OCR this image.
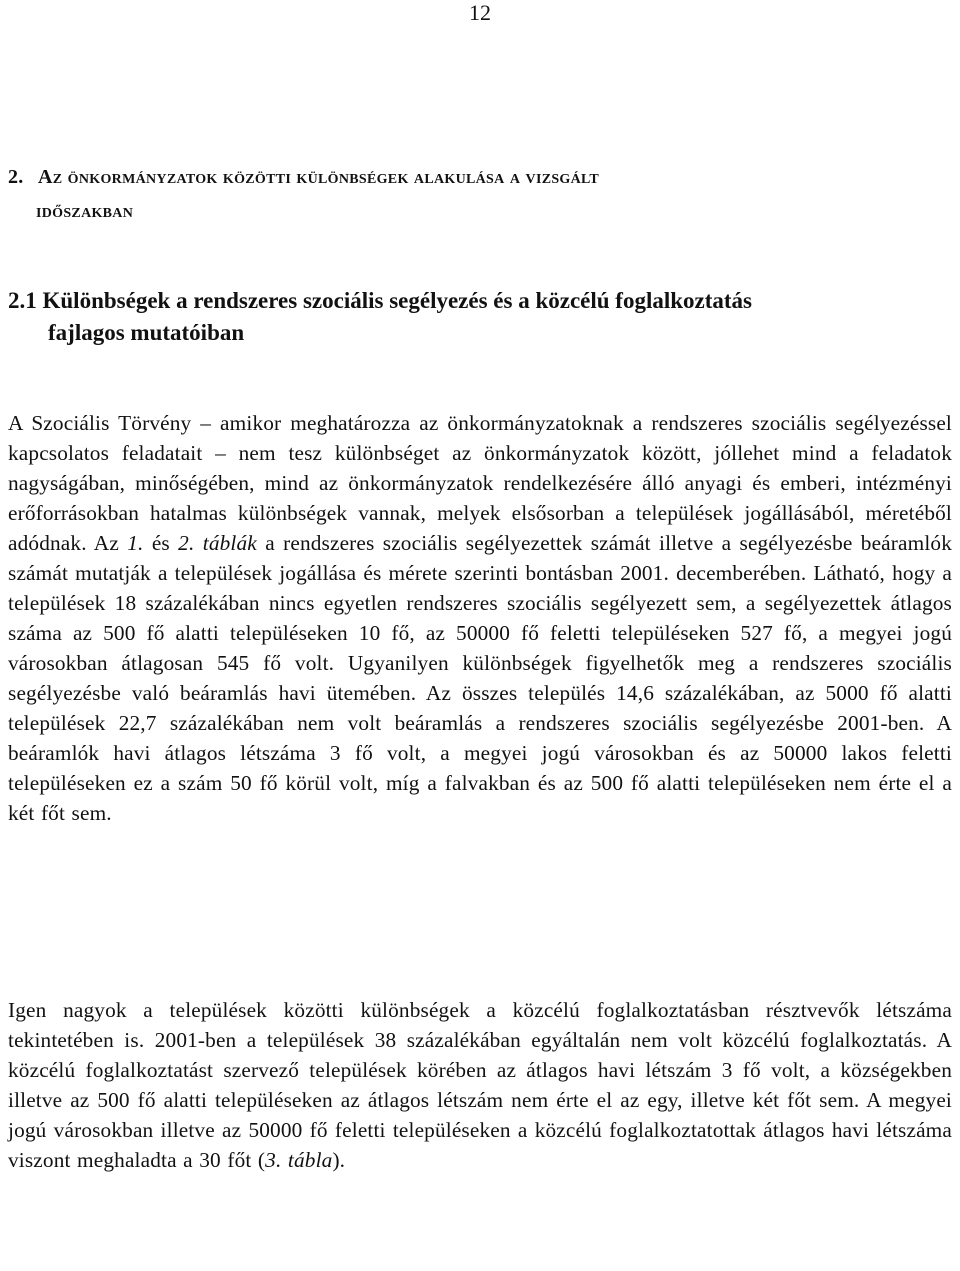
12
2. Az önkormányzatok közötti különbségek alakulása a vizsgált
időszakban
2.1 Különbségek a rendszeres szociális segélyezés és a közcélú foglalkoztatás
fajlagos mutatóiban

A Szociális Törvény – amikor meghatározza az önkormányzatoknak a rendszeres szociális segélyezéssel kapcsolatos feladatait – nem tesz különbséget az önkormányzatok között, jóllehet mind a feladatok nagyságában, minőségében, mind az önkormányzatok rendelkezésére álló anyagi és emberi, intézményi erőforrásokban hatalmas különbségek vannak, melyek elsősorban a települések jogállásából, méretéből adódnak. Az 1. és 2. táblák a rendszeres szociális segélyezettek számát illetve a segélyezésbe beáramlók számát mutatják a települések jogállása és mérete szerinti bontásban 2001. decemberében. Látható, hogy a települések 18 százalékában nincs egyetlen rendszeres szociális segélyezett sem, a segélyezettek átlagos száma az 500 fő alatti településeken 10 fő, az 50000 fő feletti településeken 527 fő, a megyei jogú városokban átlagosan 545 fő volt. Ugyanilyen különbségek figyelhetők meg a rendszeres szociális segélyezésbe való beáramlás havi ütemében. Az összes település 14,6 százalékában, az 5000 fő alatti települések 22,7 százalékában nem volt beáramlás a rendszeres szociális segélyezésbe 2001-ben. A beáramlók havi átlagos létszáma 3 fő volt, a megyei jogú városokban és az 50000 lakos feletti településeken ez a szám 50 fő körül volt, míg a falvakban és az 500 fő alatti településeken nem érte el a két főt sem.

Igen nagyok a települések közötti különbségek a közcélú foglalkoztatásban résztvevők létszáma tekintetében is. 2001-ben a települések 38 százalékában egyáltalán nem volt közcélú foglalkoztatás. A közcélú foglalkoztatást szervező települések körében az átlagos havi létszám 3 fő volt, a községekben illetve az 500 fő alatti településeken az átlagos létszám nem érte el az egy, illetve két főt sem. A megyei jogú városokban illetve az 50000 fő feletti településeken a közcélú foglalkoztatottak átlagos havi létszáma viszont meghaladta a 30 főt (3. tábla).
